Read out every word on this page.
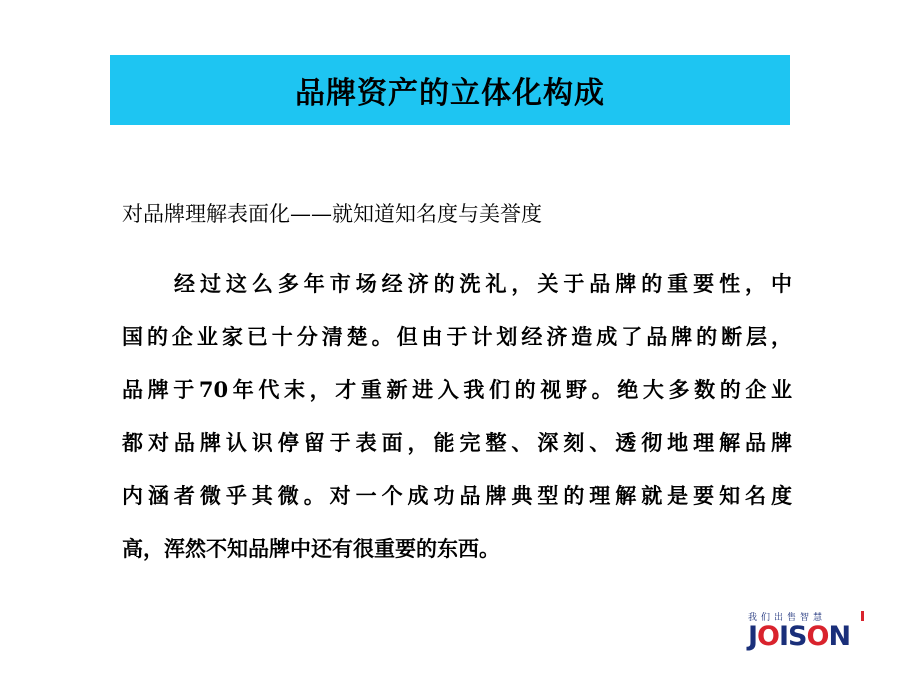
品牌资产的立体化构成
对品牌理解表面化——就知道知名度与美誉度
经过这么多年市场经济的洗礼，关于品牌的重要性，中
国的企业家已十分清楚。但由于计划经济造成了品牌的断层，
品牌于70年代末，才重新进入我们的视野。绝大多数的企业
都对品牌认识停留于表面，能完整、深刻、透彻地理解品牌
内涵者微乎其微。对一个成功品牌典型的理解就是要知名度
高，浑然不知品牌中还有很重要的东西。
我们出售智慧
JOISON
